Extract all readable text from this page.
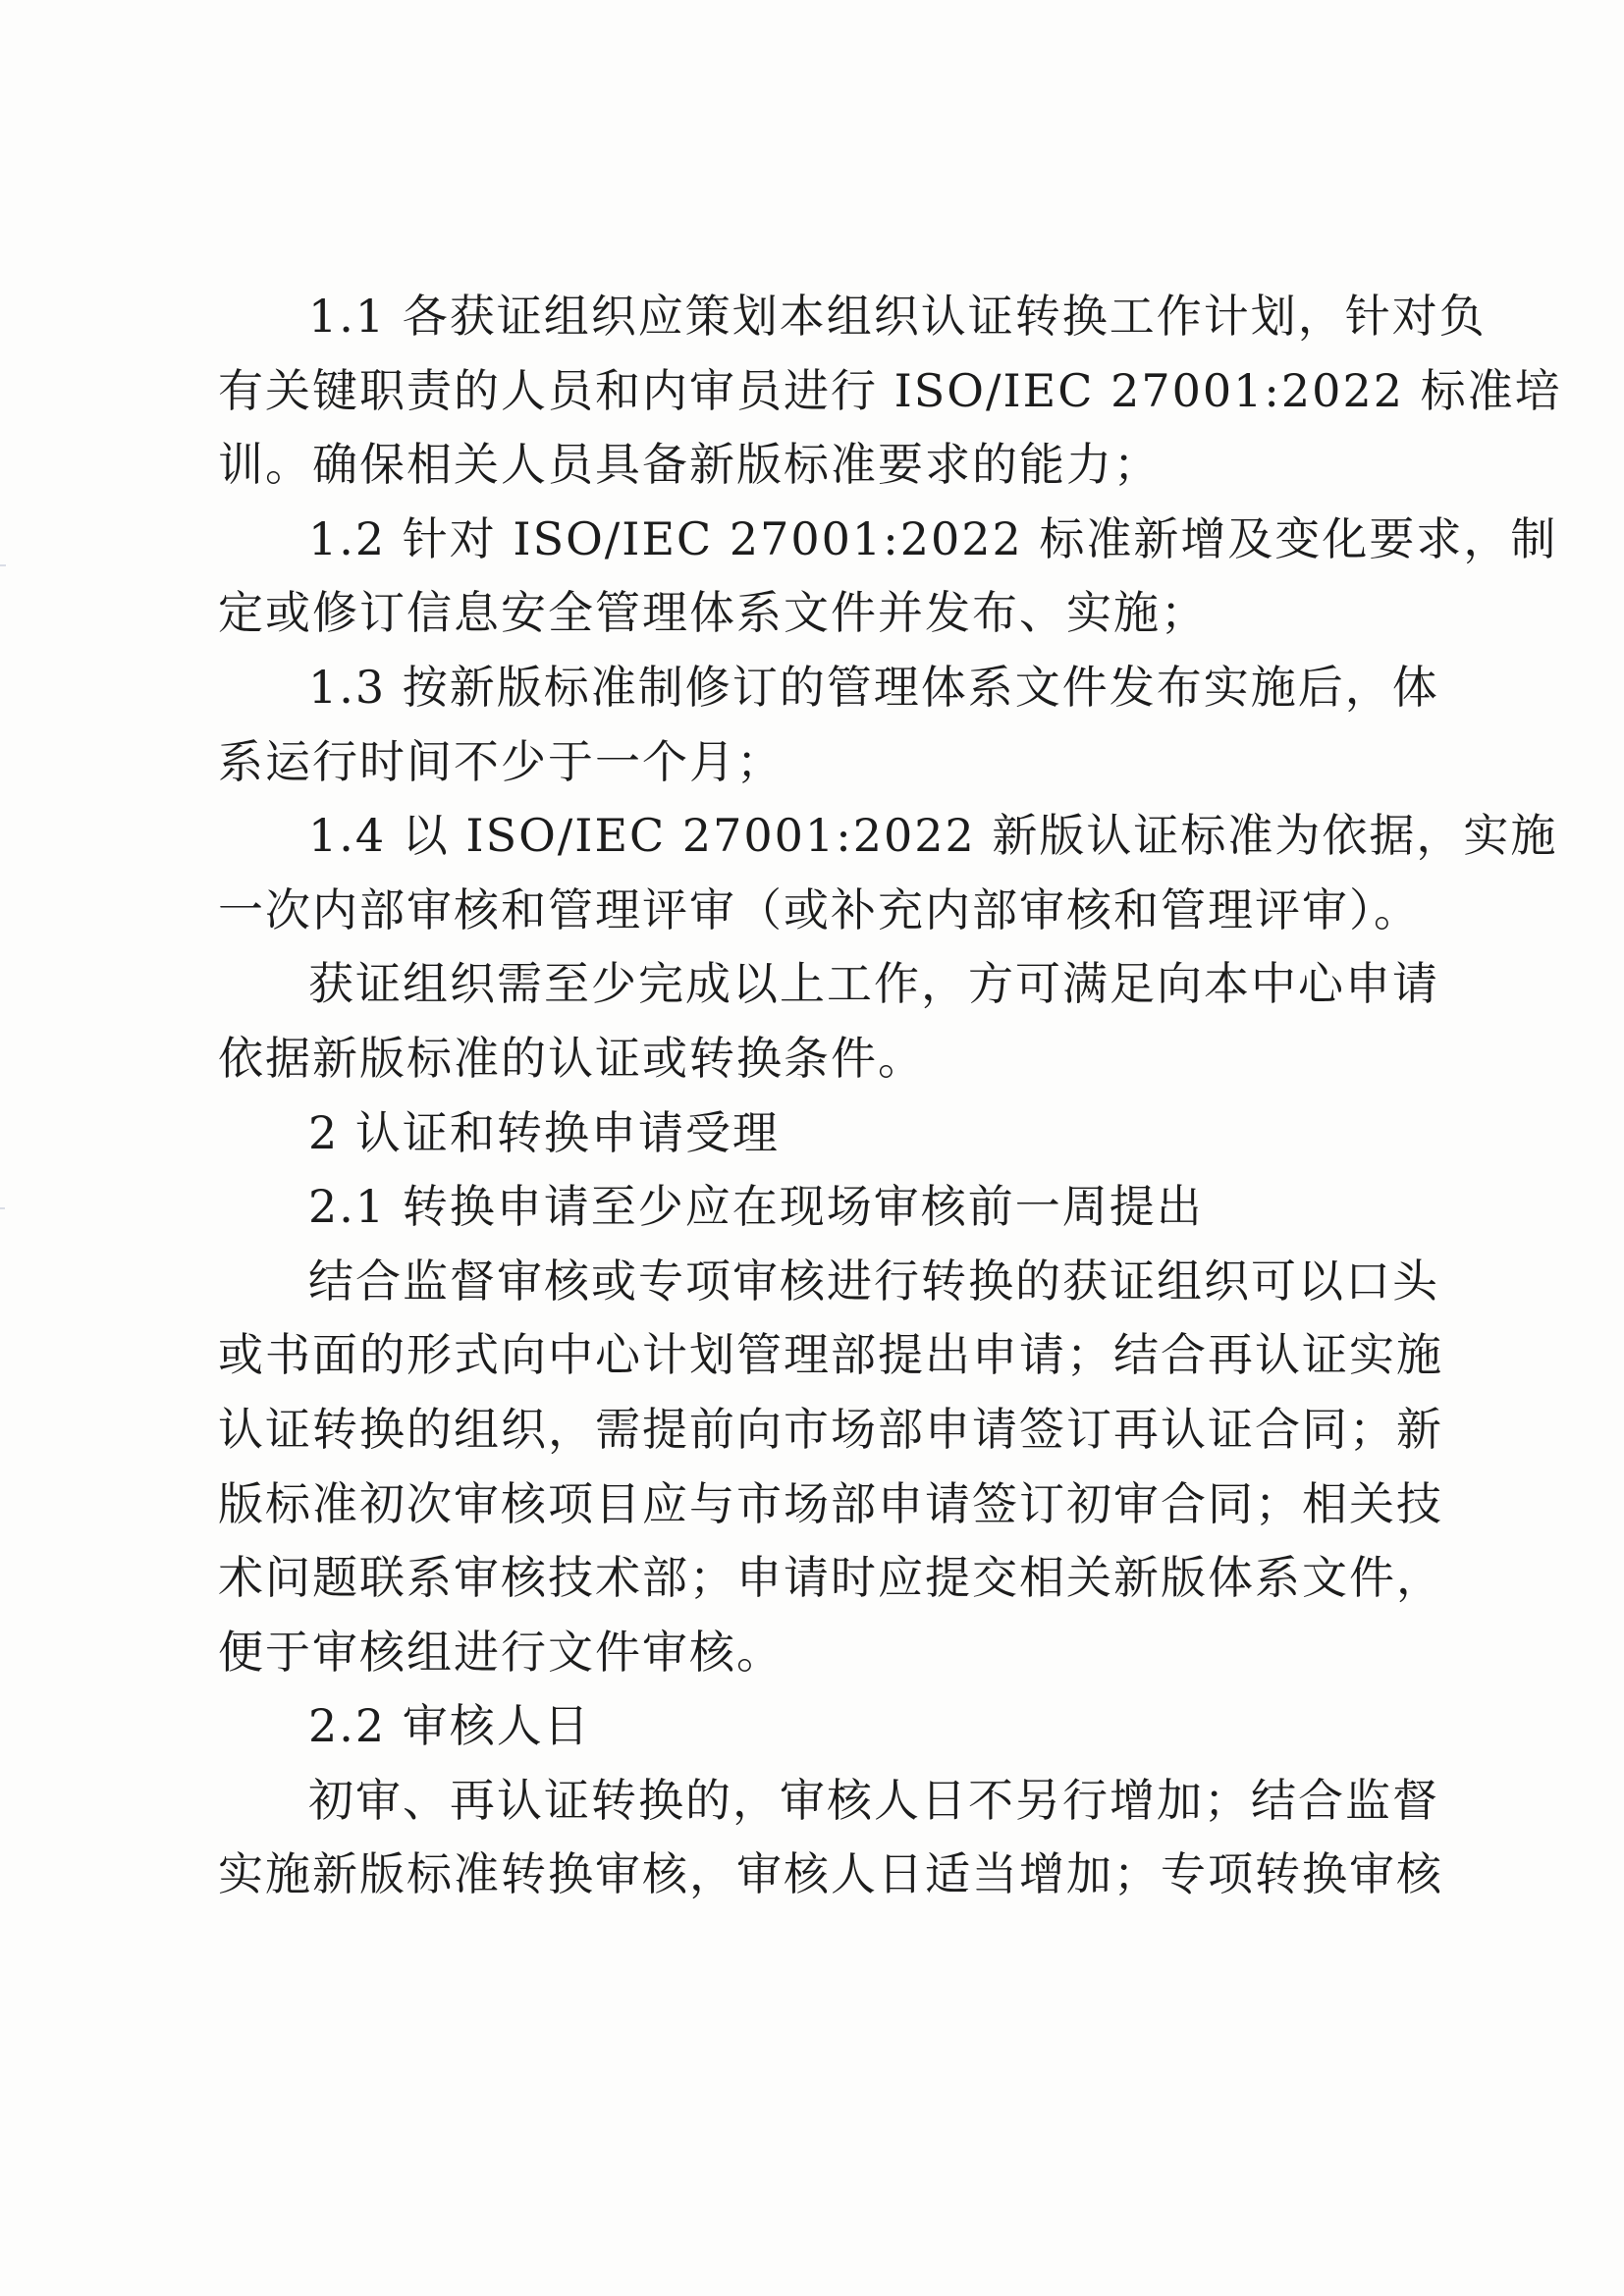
1.1 各获证组织应策划本组织认证转换工作计划，针对负
有关键职责的人员和内审员进行 ISO/IEC 27001:2022 标准培
训。确保相关人员具备新版标准要求的能力；
1.2 针对 ISO/IEC 27001:2022 标准新增及变化要求，制
定或修订信息安全管理体系文件并发布、实施；
1.3 按新版标准制修订的管理体系文件发布实施后，体
系运行时间不少于一个月；
1.4 以 ISO/IEC 27001:2022 新版认证标准为依据，实施
一次内部审核和管理评审（或补充内部审核和管理评审）。
获证组织需至少完成以上工作，方可满足向本中心申请
依据新版标准的认证或转换条件。
2 认证和转换申请受理
2.1 转换申请至少应在现场审核前一周提出
结合监督审核或专项审核进行转换的获证组织可以口头
或书面的形式向中心计划管理部提出申请；结合再认证实施
认证转换的组织，需提前向市场部申请签订再认证合同；新
版标准初次审核项目应与市场部申请签订初审合同；相关技
术问题联系审核技术部；申请时应提交相关新版体系文件，
便于审核组进行文件审核。
2.2 审核人日
初审、再认证转换的，审核人日不另行增加；结合监督
实施新版标准转换审核，审核人日适当增加；专项转换审核
